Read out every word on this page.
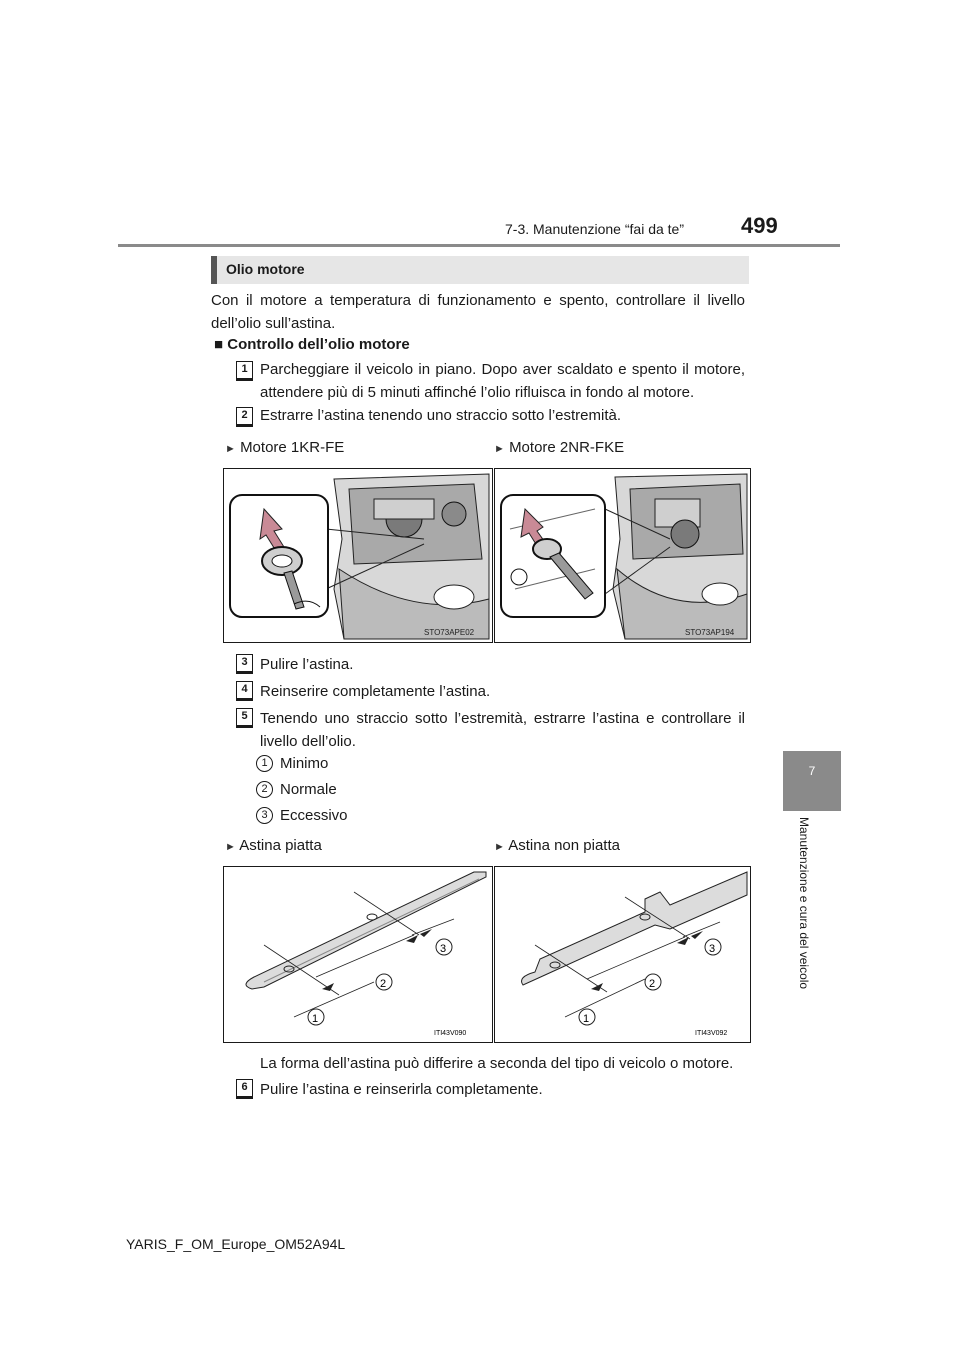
7-3. Manutenzione “fai da te”	499
7
Manutenzione e cura del veicolo
Olio motore
Con il motore a temperatura di funzionamento e spento, controllare il livello dell’olio sull’astina.
■ Controllo dell’olio motore
1 Parcheggiare il veicolo in piano. Dopo aver scaldato e spento il motore, attendere più di 5 minuti affinché l’olio rifluisca in fondo al motore.
2 Estrarre l’astina tenendo uno straccio sotto l’estremità.
► Motore 1KR-FE	► Motore 2NR-FKE
STO73APE02	STO73AP194
3 Pulire l’astina.
4 Reinserire completamente l’astina.
5 Tenendo uno straccio sotto l’estremità, estrarre l’astina e controllare il livello dell’olio.
1 Minimo
2 Normale
3 Eccessivo
► Astina piatta	► Astina non piatta
3
2
1
ITI43V090
3
2
1
ITI43V092
La forma dell’astina può differire a seconda del tipo di veicolo o motore.
6 Pulire l’astina e reinserirla completamente.
YARIS_F_OM_Europe_OM52A94L
